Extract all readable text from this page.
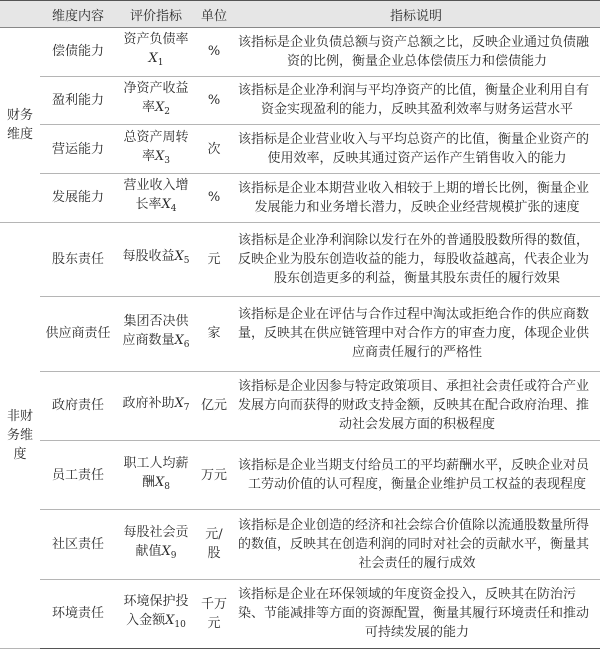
	维度内容	评价指标	单位	指标说明
财务维度	偿债能力	资产负债率$X_1$	%	该指标是企业负债总额与资产总额之比，反映企业通过负债融资的比例，衡量企业总体偿债压力和偿债能力
	盈利能力	净资产收益率$X_2$	%	该指标是企业净利润与平均净资产的比值，衡量企业利用自有资金实现盈利的能力，反映其盈利效率与财务运营水平
	营运能力	总资产周转率$X_3$	次	该指标是企业营业收入与平均总资产的比值，衡量企业资产的使用效率，反映其通过资产运作产生销售收入的能力
	发展能力	营业收入增长率$X_4$	%	该指标是企业本期营业收入相较于上期的增长比例，衡量企业发展能力和业务增长潜力，反映企业经营规模扩张的速度
非财务维度	股东责任	每股收益$X_5$	元	该指标是企业净利润除以发行在外的普通股股数所得的数值，反映企业为股东创造收益的能力，每股收益越高，代表企业为股东创造更多的利益，衡量其股东责任的履行效果
	供应商责任	集团否决供应商数量$X_6$	家	该指标是企业在评估与合作过程中淘汰或拒绝合作的供应商数量，反映其在供应链管理中对合作方的审查力度，体现企业供应商责任履行的严格性
	政府责任	政府补助$X_7$	亿元	该指标是企业因参与特定政策项目、承担社会责任或符合产业发展方向而获得的财政支持金额，反映其在配合政府治理、推动社会发展方面的积极程度
	员工责任	职工人均薪酬$X_8$	万元	该指标是企业当期支付给员工的平均薪酬水平，反映企业对员工劳动价值的认可程度，衡量企业维护员工权益的表现程度
	社区责任	每股社会贡献值$X_9$	元/股	该指标是企业创造的经济和社会综合价值除以流通股数量所得的数值，反映其在创造利润的同时对社会的贡献水平，衡量其社会责任的履行成效
	环境责任	环境保护投入金额$X_{10}$	千万元	该指标是企业在环保领域的年度资金投入，反映其在防治污染、节能减排等方面的资源配置，衡量其履行环境责任和推动可持续发展的能力
